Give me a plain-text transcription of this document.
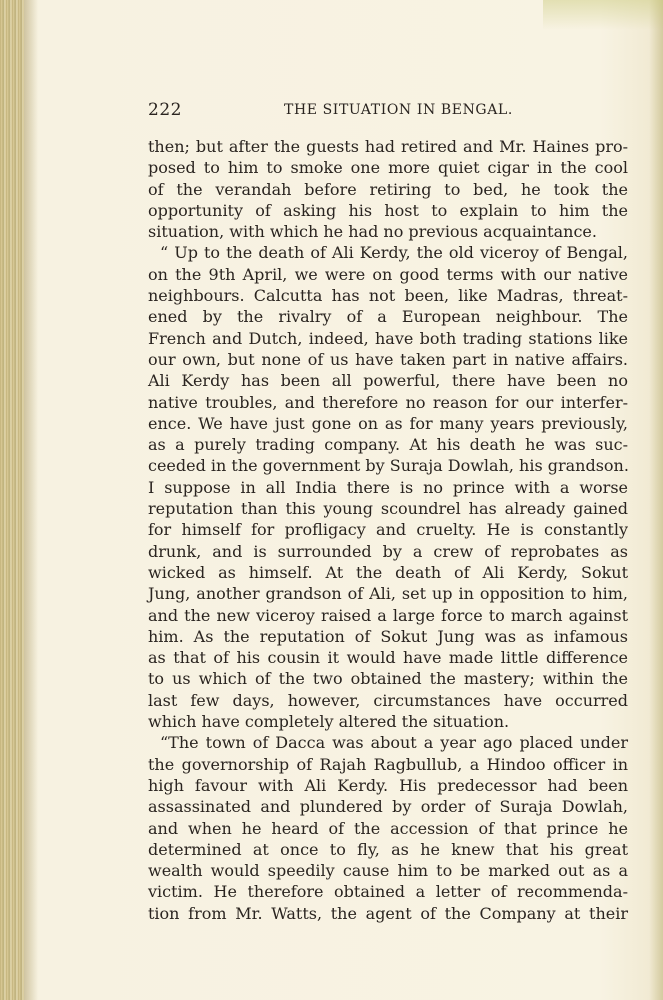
222	THE SITUATION IN BENGAL.
then; but after the guests had retired and Mr. Haines pro-
posed to him to smoke one more quiet cigar in the cool
of the verandah before retiring to bed, he took the
opportunity of asking his host to explain to him the
situation, with which he had no previous acquaintance.
“ Up to the death of Ali Kerdy, the old viceroy of Bengal,
on the 9th April, we were on good terms with our native
neighbours. Calcutta has not been, like Madras, threat-
ened by the rivalry of a European neighbour. The
French and Dutch, indeed, have both trading stations like
our own, but none of us have taken part in native affairs.
Ali Kerdy has been all powerful, there have been no
native troubles, and therefore no reason for our interfer-
ence. We have just gone on as for many years previously,
as a purely trading company. At his death he was suc-
ceeded in the government by Suraja Dowlah, his grandson.
I suppose in all India there is no prince with a worse
reputation than this young scoundrel has already gained
for himself for profligacy and cruelty. He is constantly
drunk, and is surrounded by a crew of reprobates as
wicked as himself. At the death of Ali Kerdy, Sokut
Jung, another grandson of Ali, set up in opposition to him,
and the new viceroy raised a large force to march against
him. As the reputation of Sokut Jung was as infamous
as that of his cousin it would have made little difference
to us which of the two obtained the mastery; within the
last few days, however, circumstances have occurred
which have completely altered the situation.
“The town of Dacca was about a year ago placed under
the governorship of Rajah Ragbullub, a Hindoo officer in
high favour with Ali Kerdy. His predecessor had been
assassinated and plundered by order of Suraja Dowlah,
and when he heard of the accession of that prince he
determined at once to fly, as he knew that his great
wealth would speedily cause him to be marked out as a
victim. He therefore obtained a letter of recommenda-
tion from Mr. Watts, the agent of the Company at their
